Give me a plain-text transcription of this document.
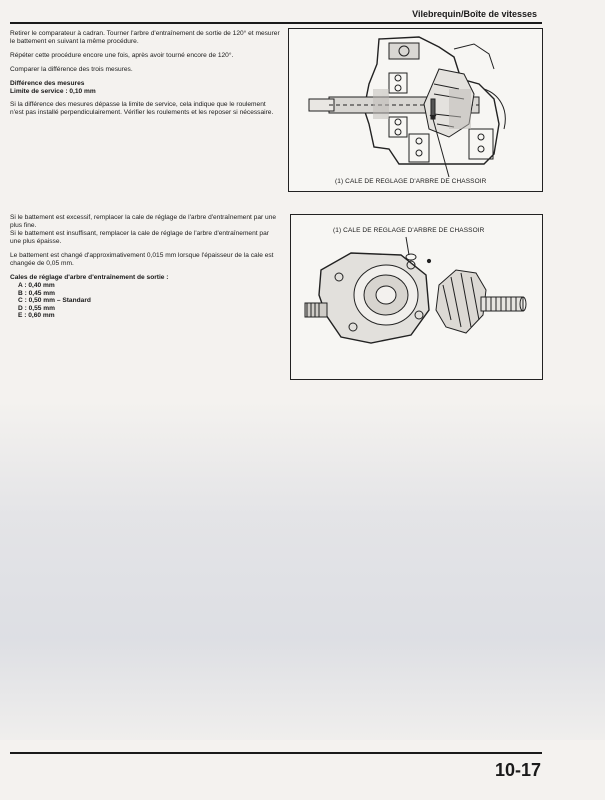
Vilebrequin/Boîte de vitesses

Retirer le comparateur à cadran. Tourner l'arbre d'entraînement de sortie de 120° et mesurer le battement en suivant la même procédure.

Répéter cette procédure encore une fois, après avoir tourné encore de 120°.

Comparer la différence des trois mesures.

Différence des mesures
Limite de service : 0,10 mm

Si la différence des mesures dépasse la limite de service, cela indique que le roulement n'est pas installé perpendiculairement. Vérifier les roulements et les reposer si nécessaire.

Si le battement est excessif, remplacer la cale de réglage de l'arbre d'entraînement par une plus fine.

Si le battement est insuffisant, remplacer la cale de réglage de l'arbre d'entraînement par une plus épaisse.

Le battement est changé d'approximativement 0,015 mm lorsque l'épaisseur de la cale est changée de 0,05 mm.

Cales de réglage d'arbre d'entraînement de sortie :

A : 0,40 mm
B : 0,45 mm
C : 0,50 mm – Standard
D : 0,55 mm
E : 0,60 mm
(1) CALE DE REGLAGE D'ARBRE DE CHASSOIR
(1) CALE DE REGLAGE D'ARBRE DE CHASSOIR
10-17
